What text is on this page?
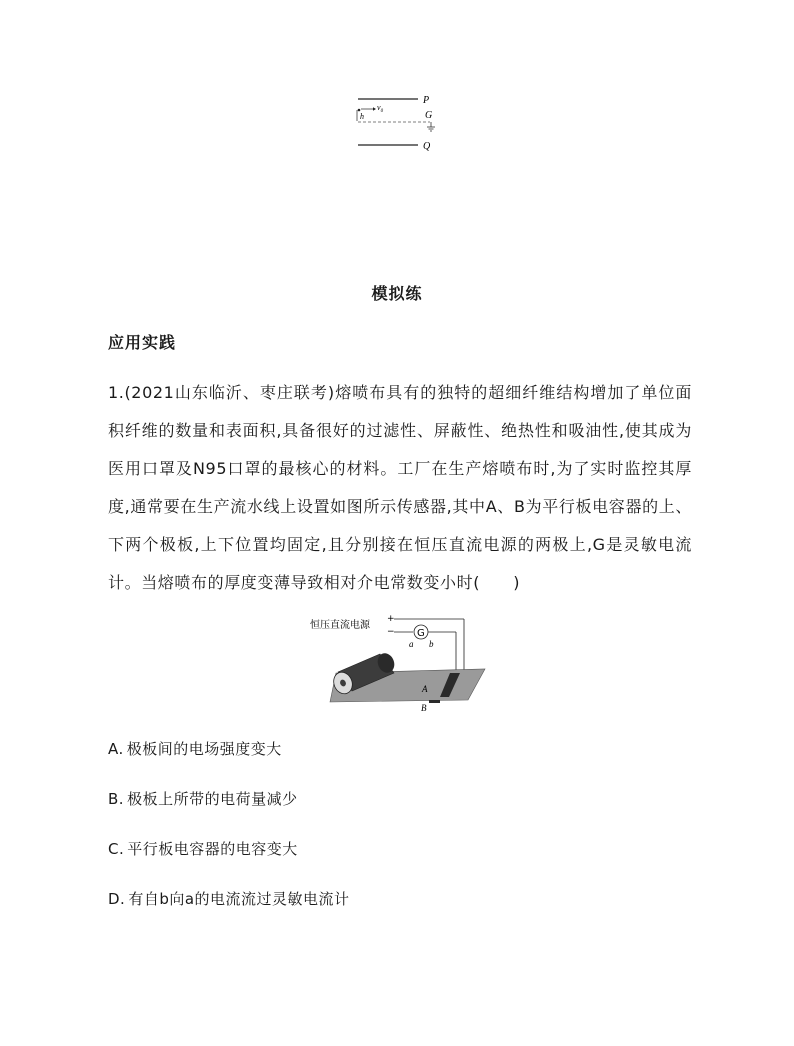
P
G
Q
h
$v_0$
模拟练
应用实践
1.(2021山东临沂、枣庄联考)熔喷布具有的独特的超细纤维结构增加了单位面积纤维的数量和表面积,具备很好的过滤性、屏蔽性、绝热性和吸油性,使其成为医用口罩及N95口罩的最核心的材料。工厂在生产熔喷布时,为了实时监控其厚度,通常要在生产流水线上设置如图所示传感器,其中A、B为平行板电容器的上、下两个极板,上下位置均固定,且分别接在恒压直流电源的两极上,G是灵敏电流计。当熔喷布的厚度变薄导致相对介电常数变小时(　　)
恒压直流电源
+
− G
a b
A
B
A. 极板间的电场强度变大
B. 极板上所带的电荷量减少
C. 平行板电容器的电容变大
D. 有自b向a的电流流过灵敏电流计
